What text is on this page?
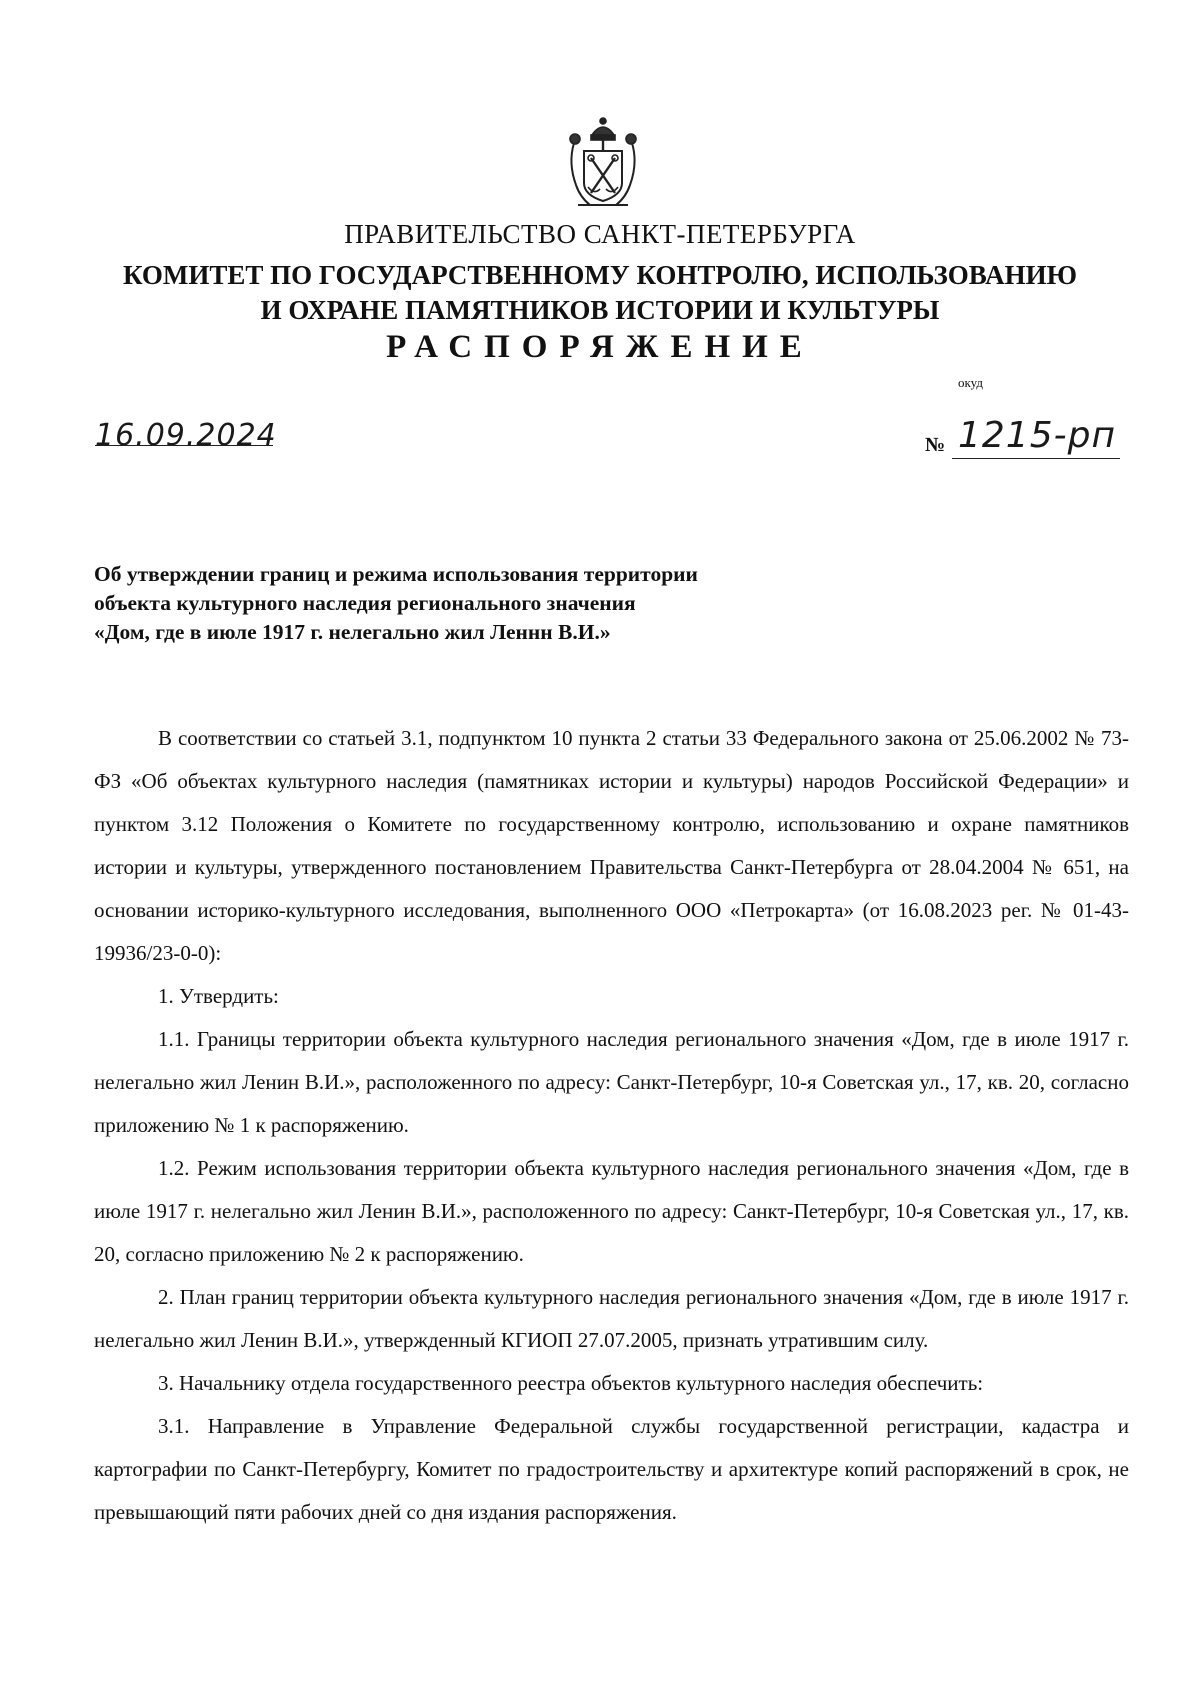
ПРАВИТЕЛЬСТВО САНКТ-ПЕТЕРБУРГА
КОМИТЕТ ПО ГОСУДАРСТВЕННОМУ КОНТРОЛЮ, ИСПОЛЬЗОВАНИЮ
И ОХРАНЕ ПАМЯТНИКОВ ИСТОРИИ И КУЛЬТУРЫ
РАСПОРЯЖЕНИЕ
окуд
16.09.2024	№ 1215-рп
Об утверждении границ и режима использования территории
объекта культурного наследия регионального значения
«Дом, где в июле 1917 г. нелегально жил Леннн В.И.»

В соответствии со статьей 3.1, подпунктом 10 пункта 2 статьи 33 Федерального закона от 25.06.2002 № 73-ФЗ «Об объектах культурного наследия (памятниках истории и культуры) народов Российской Федерации» и пунктом 3.12 Положения о Комитете по государственному контролю, использованию и охране памятников истории и культуры, утвержденного постановлением Правительства Санкт-Петербурга от 28.04.2004 № 651, на основании историко-культурного исследования, выполненного ООО «Петрокарта» (от 16.08.2023 рег. № 01-43-19936/23-0-0):

1. Утвердить:

1.1. Границы территории объекта культурного наследия регионального значения «Дом, где в июле 1917 г. нелегально жил Ленин В.И.», расположенного по адресу: Санкт-Петербург, 10-я Советская ул., 17, кв. 20, согласно приложению № 1 к распоряжению.

1.2. Режим использования территории объекта культурного наследия регионального значения «Дом, где в июле 1917 г. нелегально жил Ленин В.И.», расположенного по адресу: Санкт-Петербург, 10-я Советская ул., 17, кв. 20, согласно приложению № 2 к распоряжению.

2. План границ территории объекта культурного наследия регионального значения «Дом, где в июле 1917 г. нелегально жил Ленин В.И.», утвержденный КГИОП 27.07.2005, признать утратившим силу.

3. Начальнику отдела государственного реестра объектов культурного наследия обеспечить:

3.1. Направление в Управление Федеральной службы государственной регистрации, кадастра и картографии по Санкт-Петербургу, Комитет по градостроительству и архитектуре копий распоряжений в срок, не превышающий пяти рабочих дней со дня издания распоряжения.
